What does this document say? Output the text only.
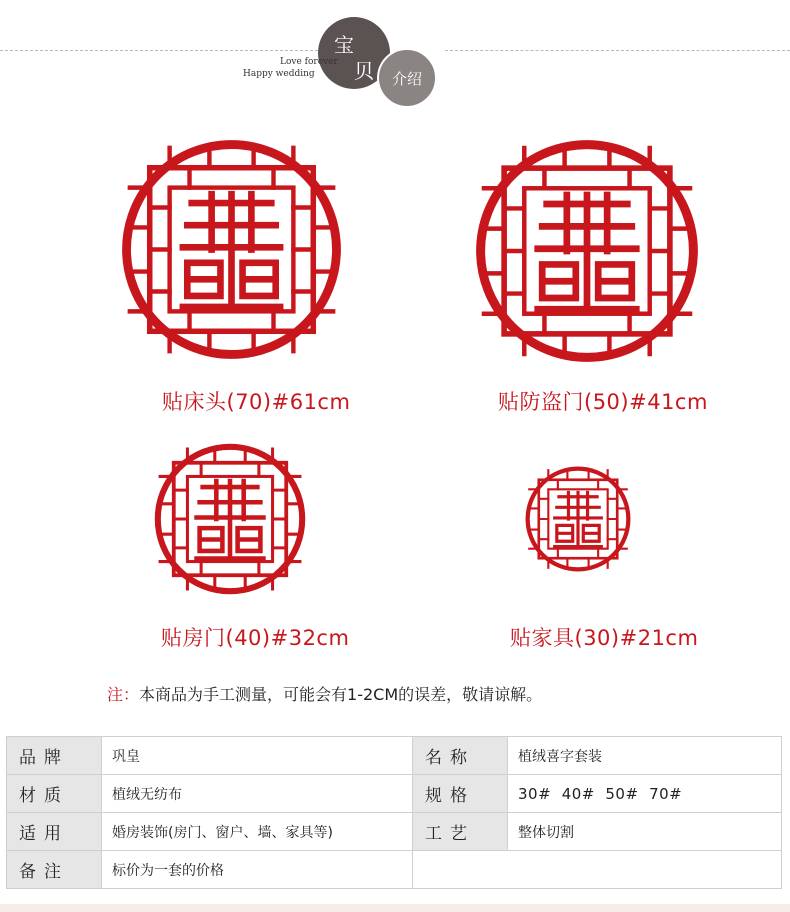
宝
贝 介绍
Love forever
Happy wedding
贴床头(70)#61cm	贴防盗门(50)#41cm
贴房门(40)#32cm	贴家具(30)#21cm
注：本商品为手工测量，可能会有1-2CM的误差，敬请谅解。
品牌	巩皇	名称	植绒喜字套装
材质	植绒无纺布	规格	30#  40#  50#  70#
适用	婚房装饰(房门、窗户、墙、家具等)	工艺	整体切割
备注	标价为一套的价格		
